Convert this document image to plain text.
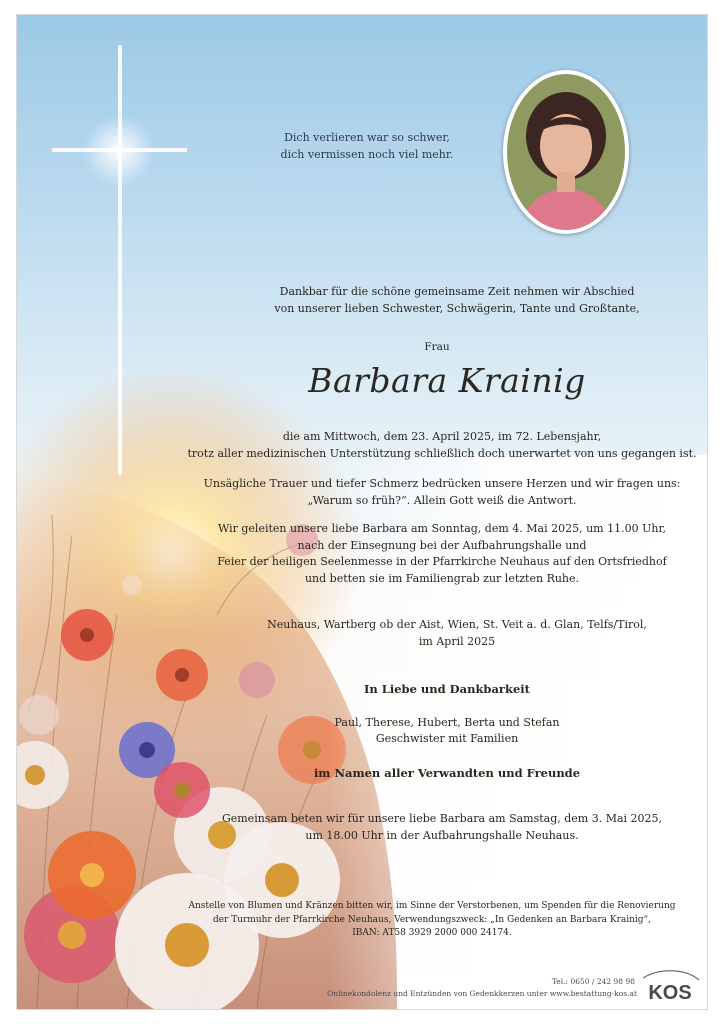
Dich verlieren war so schwer,
dich vermissen noch viel mehr.
Dankbar für die schöne gemeinsame Zeit nehmen wir Abschied
von unserer lieben Schwester, Schwägerin, Tante und Großtante,
Frau
Barbara Krainig
die am Mittwoch, dem 23. April 2025, im 72. Lebensjahr,
trotz aller medizinischen Unterstützung schließlich doch unerwartet von uns gegangen ist.
Unsägliche Trauer und tiefer Schmerz bedrücken unsere Herzen und wir fragen uns:
„Warum so früh?“. Allein Gott weiß die Antwort.
Wir geleiten unsere liebe Barbara am Sonntag, dem 4. Mai 2025, um 11.00 Uhr,
nach der Einsegnung bei der Aufbahrungshalle und
Feier der heiligen Seelenmesse in der Pfarrkirche Neuhaus auf den Ortsfriedhof
und betten sie im Familiengrab zur letzten Ruhe.
Neuhaus, Wartberg ob der Aist, Wien, St. Veit a. d. Glan, Telfs/Tirol,
im April 2025
In Liebe und Dankbarkeit
Paul, Therese, Hubert, Berta und Stefan
Geschwister mit Familien
im Namen aller Verwandten und Freunde
Gemeinsam beten wir für unsere liebe Barbara am Samstag, dem 3. Mai 2025,
um 18.00 Uhr in der Aufbahrungshalle Neuhaus.
Anstelle von Blumen und Kränzen bitten wir, im Sinne der Verstorbenen, um Spenden für die Renovierung
der Turmuhr der Pfarrkirche Neuhaus, Verwendungszweck: „In Gedenken an Barbara Krainig“,
IBAN: AT58 3929 2000 000 24174.
Tel.: 0650 / 242 98 98
Onlinekondolenz und Entzünden von Gedenkkerzen unter www.bestattung-kos.at KOS
